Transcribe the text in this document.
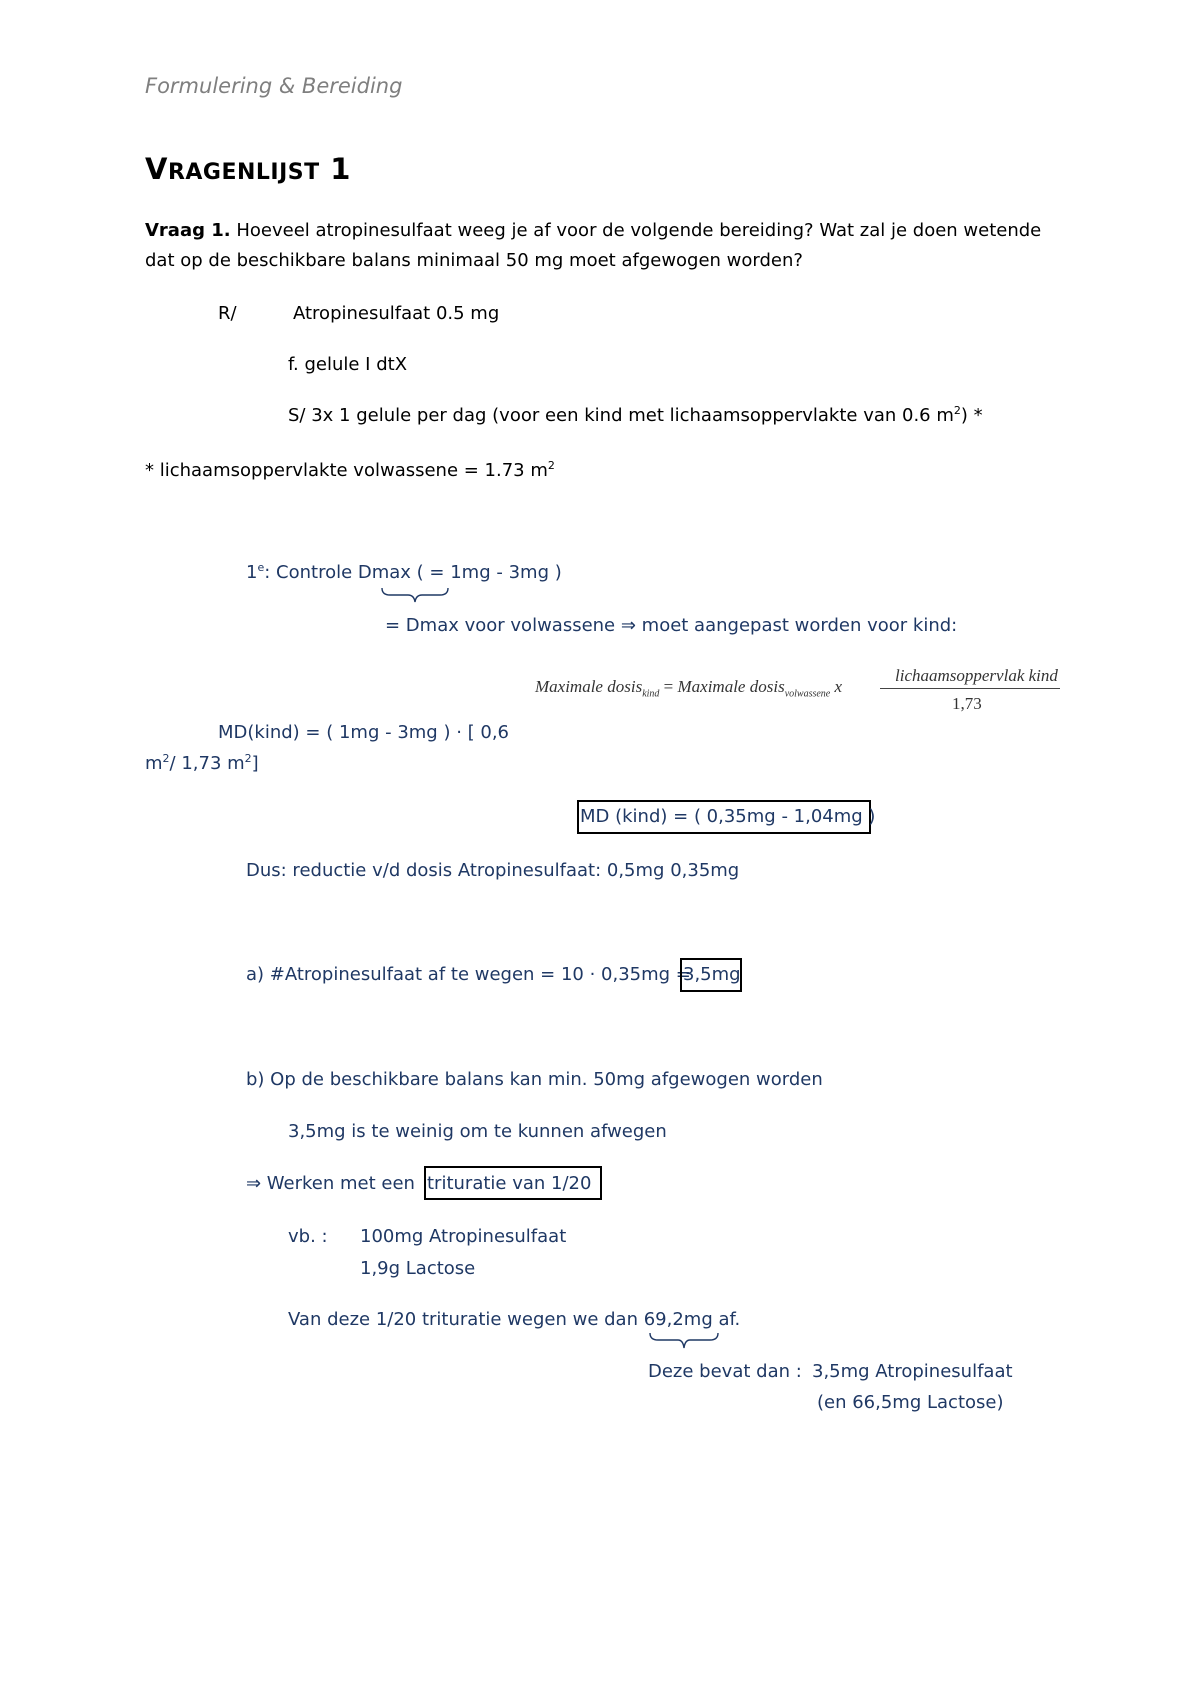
Formulering & Bereiding
VRAGENLIJST 1
Vraag 1. Hoeveel atropinesulfaat weeg je af voor de volgende bereiding? Wat zal je doen wetende
dat op de beschikbare balans minimaal 50 mg moet afgewogen worden?
R/	Atropinesulfaat 0.5 mg
f. gelule I dtX
S/ 3x 1 gelule per dag (voor een kind met lichaamsoppervlakte van 0.6 $m^2$) *
* lichaamsoppervlakte volwassene = 1.73 $m^2$
1e: Controle Dmax ( = 1mg - 3mg )
= Dmax voor volwassene ⇒ moet aangepast worden voor kind:
Maximale dosis$_{kind}$ = Maximale dosis$_{volwassene}$ x
lichaamsoppervlak kind
1,73
MD(kind) = ( 1mg - 3mg ) · [ 0,6
$m^2/$ 1,73 $m^2$]
MD (kind) = ( 0,35mg - 1,04mg )
Dus: reductie v/d dosis Atropinesulfaat: 0,5mg 0,35mg
a) #Atropinesulfaat af te wegen = 10 · 0,35mg =
3,5mg
b) Op de beschikbare balans kan min. 50mg afgewogen worden
3,5mg is te weinig om te kunnen afwegen
⇒ Werken met een trituratie van 1/20
vb. : 100mg Atropinesulfaat
1,9g Lactose
Van deze 1/20 trituratie wegen we dan 69,2mg af.
Deze bevat dan : 3,5mg Atropinesulfaat
(en 66,5mg Lactose)
